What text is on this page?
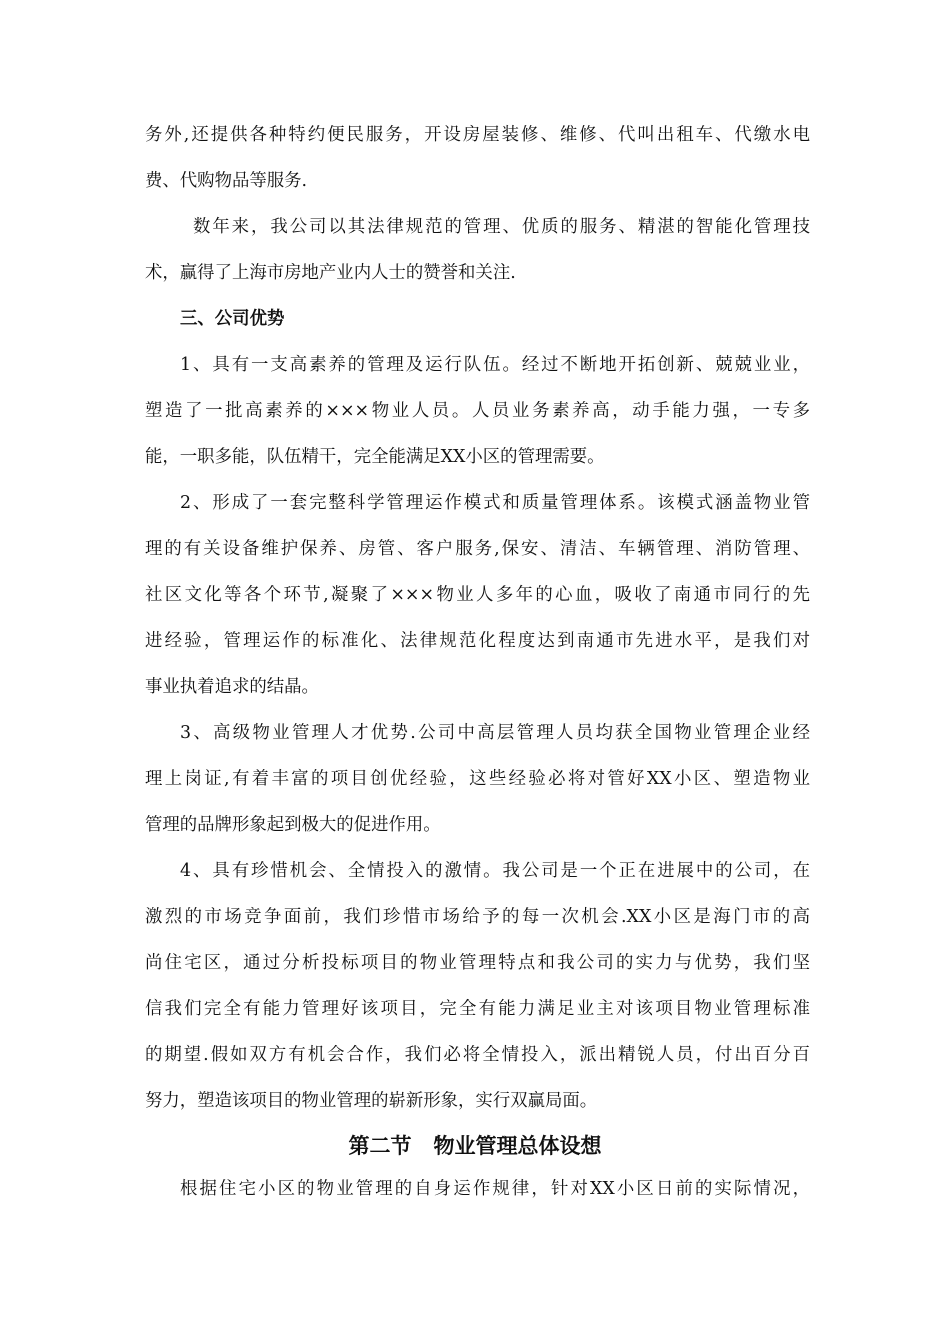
务外,还提供各种特约便民服务，开设房屋装修、维修、代叫出租车、代缴水电
费、代购物品等服务.
数年来，我公司以其法律规范的管理、优质的服务、精湛的智能化管理技
术，赢得了上海市房地产业内人士的赞誉和关注.
三、公司优势
1、具有一支高素养的管理及运行队伍。经过不断地开拓创新、兢兢业业，
塑造了一批高素养的×××物业人员。人员业务素养高，动手能力强，一专多
能，一职多能，队伍精干，完全能满足XX小区的管理需要。
2、形成了一套完整科学管理运作模式和质量管理体系。该模式涵盖物业管
理的有关设备维护保养、房管、客户服务,保安、清洁、车辆管理、消防管理、
社区文化等各个环节,凝聚了×××物业人多年的心血，吸收了南通市同行的先
进经验，管理运作的标准化、法律规范化程度达到南通市先进水平，是我们对
事业执着追求的结晶。
3、高级物业管理人才优势.公司中高层管理人员均获全国物业管理企业经
理上岗证,有着丰富的项目创优经验，这些经验必将对管好XX小区、塑造物业
管理的品牌形象起到极大的促进作用。
4、具有珍惜机会、全情投入的激情。我公司是一个正在进展中的公司，在
激烈的市场竞争面前，我们珍惜市场给予的每一次机会.XX小区是海门市的高
尚住宅区，通过分析投标项目的物业管理特点和我公司的实力与优势，我们坚
信我们完全有能力管理好该项目，完全有能力满足业主对该项目物业管理标准
的期望.假如双方有机会合作，我们必将全情投入，派出精锐人员，付出百分百
努力，塑造该项目的物业管理的崭新形象，实行双赢局面。
第二节   物业管理总体设想
根据住宅小区的物业管理的自身运作规律，针对XX小区日前的实际情况，
